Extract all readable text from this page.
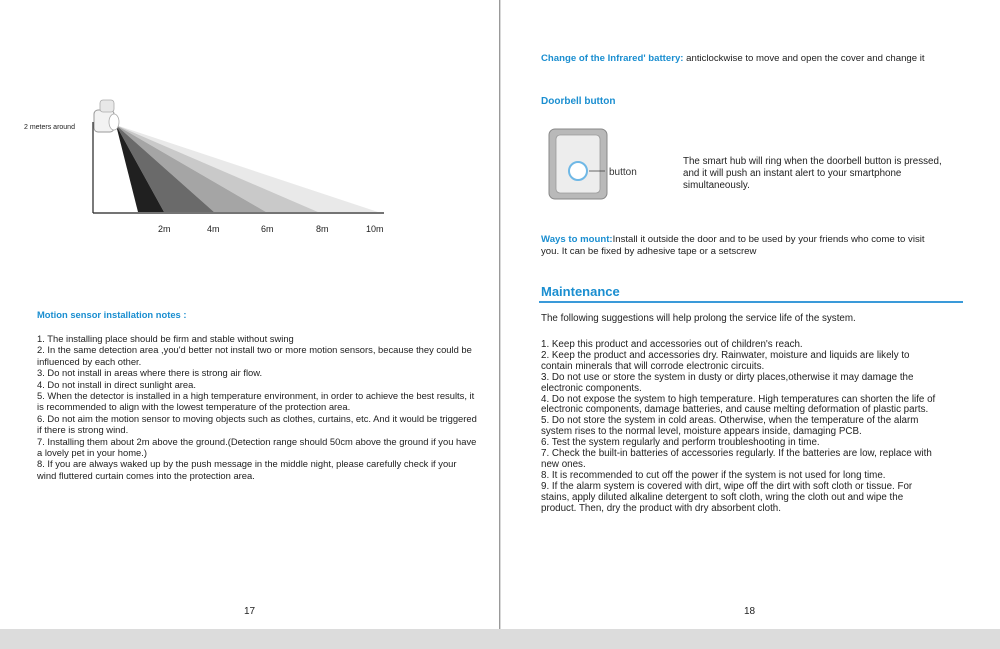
2 meters around
2m	4m	6m	8m	10m
Motion sensor installation notes :
1. The installing place should be firm and stable without swing
2. In the same detection area ,you'd better not install two or more motion sensors, because they could be influenced by each other.
3. Do not install in areas where there is strong air flow.
4. Do not install in direct sunlight area.
5. When the detector is installed in a high temperature environment, in order to achieve the best results, it is recommended to align with the lowest temperature of the protection area.
6. Do not aim the motion sensor to moving objects such as clothes, curtains, etc. And it would be triggered if there is strong wind.
7. Installing them about 2m above the ground.(Detection range should 50cm above the ground if you have a lovely pet in your home.)
8. If you are always waked up by the push message in the middle night, please carefully check if your wind fluttered curtain comes into the protection area.
17
Change of the Infrared' battery: anticlockwise to move and open the cover and change it
Doorbell button
button
The smart hub will ring when the doorbell button is pressed, and it will push an instant alert to your smartphone simultaneously.
Ways to mount:Install it outside the door and to be used by your friends who come to visit you. It can be fixed by adhesive tape or a setscrew
Maintenance
The following suggestions will help prolong the service life of the system.
1. Keep this product and accessories out of children's reach.
2. Keep the product and accessories dry. Rainwater, moisture and liquids are likely to contain minerals that will corrode electronic circuits.
3. Do not use or store the system in dusty or dirty places,otherwise it may damage the electronic components.
4. Do not expose the system to high temperature. High temperatures can shorten the life of electronic components, damage batteries, and cause melting deformation of plastic parts.
5. Do not store the system in cold areas. Otherwise, when the temperature of the alarm system rises to the normal level, moisture appears inside, damaging PCB.
6. Test the system regularly and perform troubleshooting in time.
7. Check the built-in batteries of accessories regularly. If the batteries are low, replace with new ones.
8. It is recommended to cut off the power if the system is not used for long time.
9. If the alarm system is covered with dirt, wipe off the dirt with soft cloth or tissue. For stains, apply diluted alkaline detergent to soft cloth, wring the cloth out and wipe the product. Then, dry the product with dry absorbent cloth.
18
